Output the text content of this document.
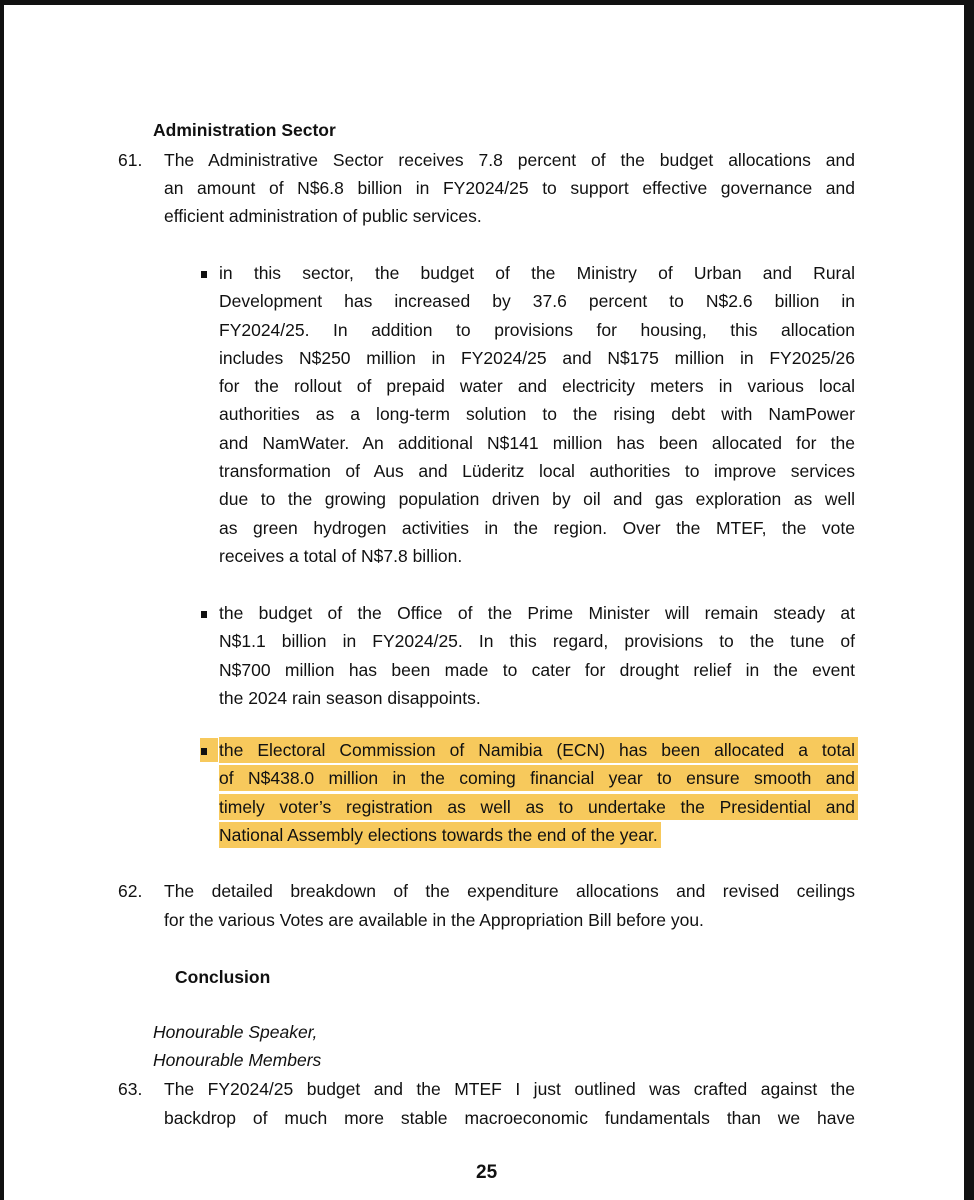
Administration Sector
Conclusion
Honourable Speaker,
Honourable Members
25
61. The Administrative Sector receives 7.8 percent of the budget allocations and
an amount of N$6.8 billion in FY2024/25 to support effective governance and
efficient administration of public services.
in this sector, the budget of the Ministry of Urban and Rural
Development has increased by 37.6 percent to N$2.6 billion in
FY2024/25. In addition to provisions for housing, this allocation
includes N$250 million in FY2024/25 and N$175 million in FY2025/26
for the rollout of prepaid water and electricity meters in various local
authorities as a long-term solution to the rising debt with NamPower
and NamWater. An additional N$141 million has been allocated for the
transformation of Aus and Lüderitz local authorities to improve services
due to the growing population driven by oil and gas exploration as well
as green hydrogen activities in the region. Over the MTEF, the vote
receives a total of N$7.8 billion.
the budget of the Office of the Prime Minister will remain steady at
N$1.1 billion in FY2024/25. In this regard, provisions to the tune of
N$700 million has been made to cater for drought relief in the event
the 2024 rain season disappoints.
the Electoral Commission of Namibia (ECN) has been allocated a total
of N$438.0 million in the coming financial year to ensure smooth and
timely voter’s registration as well as to undertake the Presidential and
National Assembly elections towards the end of the year.
62. The detailed breakdown of the expenditure allocations and revised ceilings
for the various Votes are available in the Appropriation Bill before you.
63. The FY2024/25 budget and the MTEF I just outlined was crafted against the
backdrop of much more stable macroeconomic fundamentals than we have
